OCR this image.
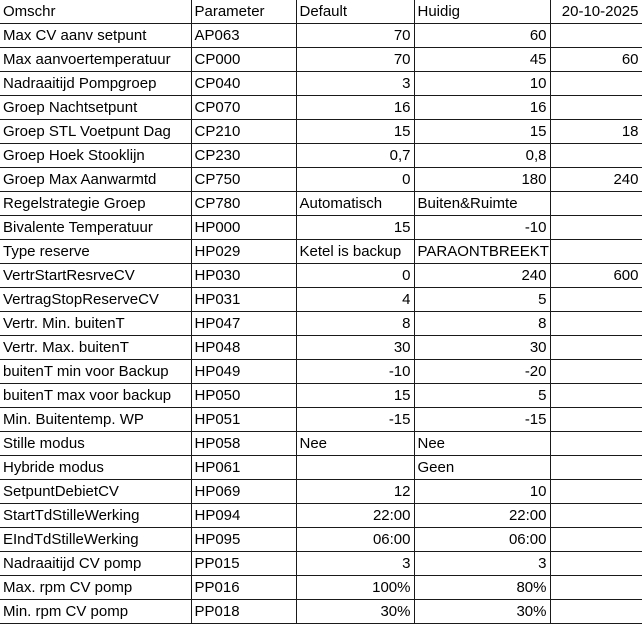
Omschr	Parameter	Default	Huidig	20-10-2025
Max CV aanv setpunt	AP063	70	60	
Max aanvoertemperatuur	CP000	70	45	60
Nadraaitijd Pompgroep	CP040	3	10	
Groep Nachtsetpunt	CP070	16	16	
Groep STL Voetpunt Dag	CP210	15	15	18
Groep Hoek Stooklijn	CP230	0,7	0,8	
Groep Max Aanwarmtd	CP750	0	180	240
Regelstrategie Groep	CP780	Automatisch	Buiten&Ruimte	
Bivalente Temperatuur	HP000	15	-10	
Type reserve	HP029	Ketel is backup	PARAONTBREEKT	
VertrStartResrveCV	HP030	0	240	600
VertragStopReserveCV	HP031	4	5	
Vertr. Min. buitenT	HP047	8	8	
Vertr. Max. buitenT	HP048	30	30	
buitenT min voor Backup	HP049	-10	-20	
buitenT max voor backup	HP050	15	5	
Min. Buitentemp. WP	HP051	-15	-15	
Stille modus	HP058	Nee	Nee	
Hybride modus	HP061		Geen	
SetpuntDebietCV	HP069	12	10	
StartTdStilleWerking	HP094	22:00	22:00	
EIndTdStilleWerking	HP095	06:00	06:00	
Nadraaitijd CV pomp	PP015	3	3	
Max. rpm CV pomp	PP016	100%	80%	
Min. rpm CV pomp	PP018	30%	30%	
